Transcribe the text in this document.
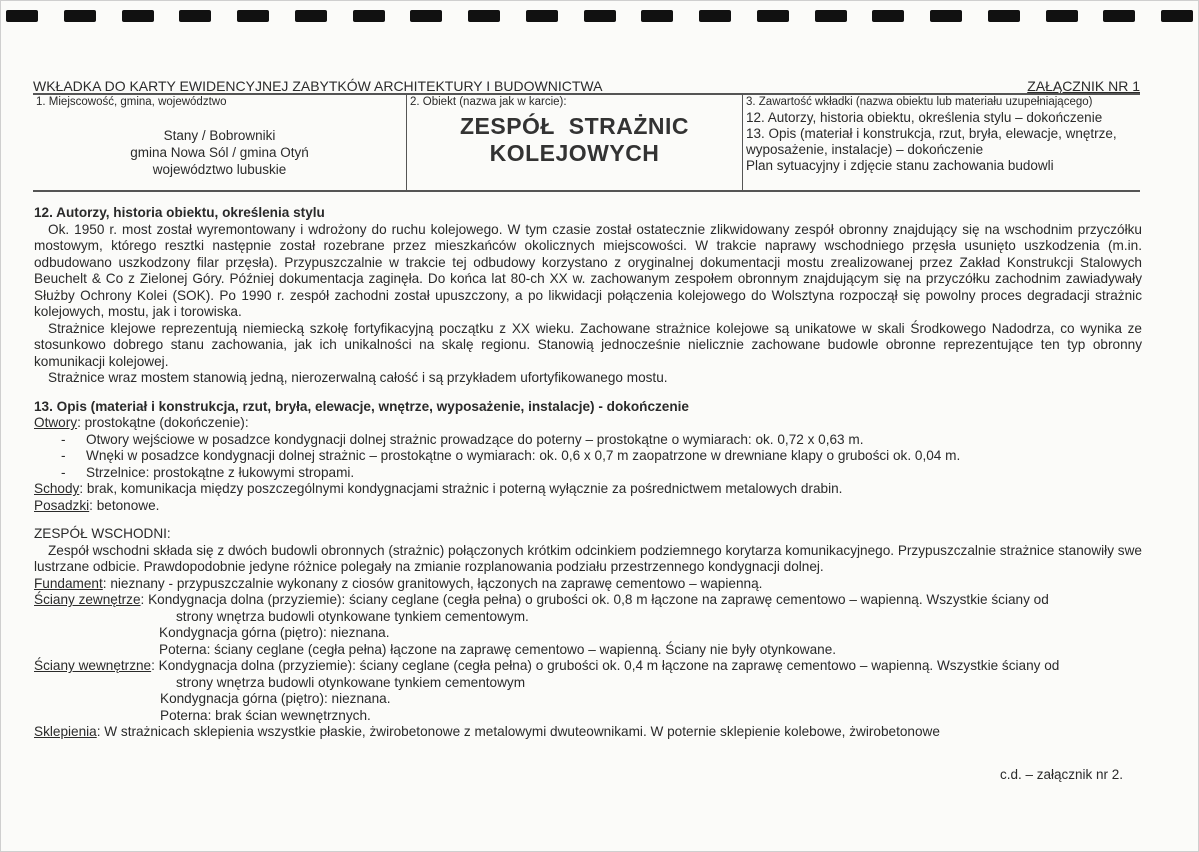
WKŁADKA DO KARTY EWIDENCYJNEJ ZABYTKÓW ARCHITEKTURY I BUDOWNICTWA	ZAŁĄCZNIK NR 1
1. Miejscowość, gmina, województwo
Stany / Bobrowniki
gmina Nowa Sól / gmina Otyń
województwo lubuskie
2. Obiekt (nazwa jak w karcie):
ZESPÓŁ  STRAŻNIC
KOLEJOWYCH
3. Zawartość wkładki (nazwa obiektu lub materiału uzupełniającego)
12. Autorzy, historia obiektu, określenia stylu – dokończenie
13. Opis (materiał i konstrukcja, rzut, bryła, elewacje, wnętrze,
wyposażenie, instalacje) – dokończenie
Plan sytuacyjny i zdjęcie stanu zachowania budowli
12. Autorzy, historia obiektu, określenia stylu
Ok. 1950 r. most został wyremontowany i wdrożony do ruchu kolejowego. W tym czasie został ostatecznie zlikwidowany zespół obronny znajdujący się na wschodnim przyczółku mostowym, którego resztki następnie został rozebrane przez mieszkańców okolicznych miejscowości. W trakcie naprawy wschodniego przęsła usunięto uszkodzenia (m.in. odbudowano uszkodzony filar przęsła). Przypuszczalnie w trakcie tej odbudowy korzystano z oryginalnej dokumentacji mostu zrealizowanej przez Zakład Konstrukcji Stalowych Beuchelt & Co z Zielonej Góry. Później dokumentacja zaginęła. Do końca lat 80-ch XX w. zachowanym zespołem obronnym znajdującym się na przyczółku zachodnim zawiadywały Służby Ochrony Kolei (SOK). Po 1990 r. zespół zachodni został upuszczony, a po likwidacji połączenia kolejowego do Wolsztyna rozpoczął się powolny proces degradacji strażnic kolejowych, mostu, jak i torowiska.
Strażnice klejowe reprezentują niemiecką szkołę fortyfikacyjną początku z XX wieku. Zachowane strażnice kolejowe są unikatowe w skali Środkowego Nadodrza, co wynika ze stosunkowo dobrego stanu zachowania, jak ich unikalności na skalę regionu. Stanowią jednocześnie nielicznie zachowane budowle obronne reprezentujące ten typ obronny komunikacji kolejowej.
Strażnice wraz mostem stanowią jedną, nierozerwalną całość i są przykładem ufortyfikowanego mostu.
13. Opis (materiał i konstrukcja, rzut, bryła, elewacje, wnętrze, wyposażenie, instalacje) - dokończenie
Otwory: prostokątne (dokończenie):
- Otwory wejściowe w posadzce kondygnacji dolnej strażnic prowadzące do poterny – prostokątne o wymiarach: ok. 0,72 x 0,63 m.
- Wnęki w posadzce kondygnacji dolnej strażnic – prostokątne o wymiarach: ok. 0,6 x 0,7 m zaopatrzone w drewniane klapy o grubości ok. 0,04 m.
- Strzelnice: prostokątne z łukowymi stropami.
Schody: brak, komunikacja między poszczególnymi kondygnacjami strażnic i poterną wyłącznie za pośrednictwem metalowych drabin.
Posadzki: betonowe.
ZESPÓŁ WSCHODNI:
Zespół wschodni składa się z dwóch budowli obronnych (strażnic) połączonych krótkim odcinkiem podziemnego korytarza komunikacyjnego. Przypuszczalnie strażnice stanowiły swe lustrzane odbicie. Prawdopodobnie jedyne różnice polegały na zmianie rozplanowania podziału przestrzennego kondygnacji dolnej.
Fundament: nieznany - przypuszczalnie wykonany z ciosów granitowych, łączonych na zaprawę cementowo – wapienną.
Ściany zewnętrze: Kondygnacja dolna (przyziemie): ściany ceglane (cegła pełna) o grubości ok. 0,8 m łączone na zaprawę cementowo – wapienną. Wszystkie ściany od
strony wnętrza budowli otynkowane tynkiem cementowym.
Kondygnacja górna (piętro): nieznana.
Poterna: ściany ceglane (cegła pełna) łączone na zaprawę cementowo – wapienną. Ściany nie były otynkowane.
Ściany wewnętrzne: Kondygnacja dolna (przyziemie): ściany ceglane (cegła pełna) o grubości ok. 0,4 m łączone na zaprawę cementowo – wapienną. Wszystkie ściany od
strony wnętrza budowli otynkowane tynkiem cementowym
Kondygnacja górna (piętro): nieznana.
Poterna: brak ścian wewnętrznych.
Sklepienia: W strażnicach sklepienia wszystkie płaskie, żwirobetonowe z metalowymi dwuteownikami. W poternie sklepienie kolebowe, żwirobetonowe
c.d. – załącznik nr 2.
